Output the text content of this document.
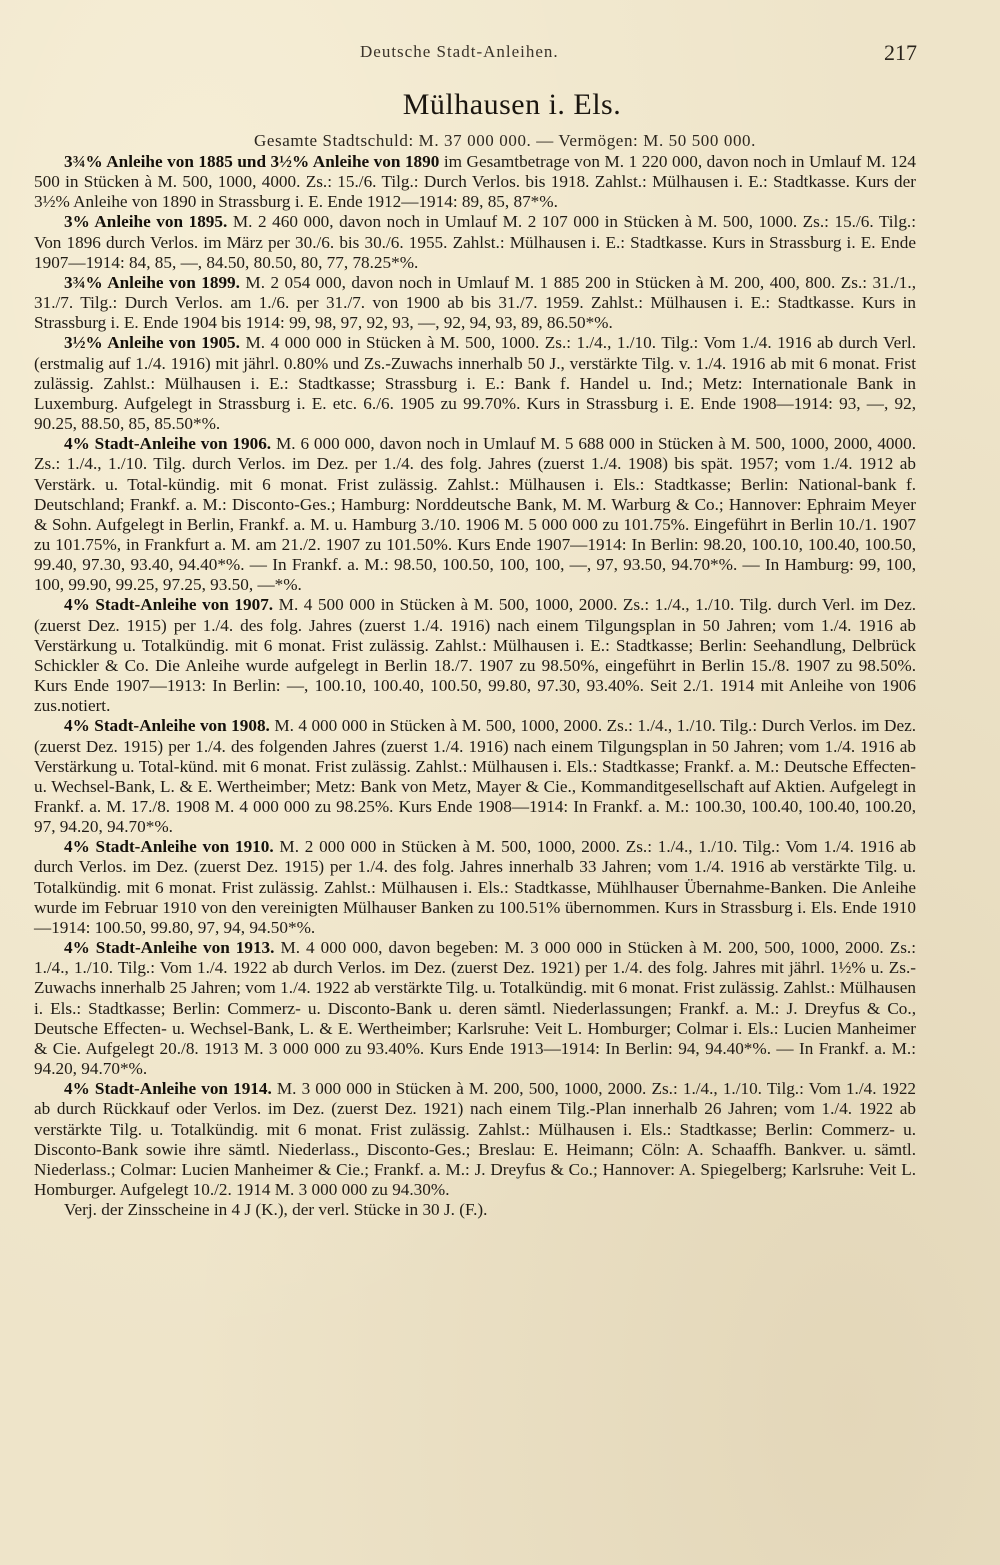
Deutsche Stadt-Anleihen.	217
Mülhausen i. Els.
Gesamte Stadtschuld: M. 37 000 000. — Vermögen: M. 50 500 000.

3¾% Anleihe von 1885 und 3½% Anleihe von 1890 im Gesamtbetrage von M. 1 220 000, davon noch in Umlauf M. 124 500 in Stücken à M. 500, 1000, 4000. Zs.: 15./6. Tilg.: Durch Verlos. bis 1918. Zahlst.: Mülhausen i. E.: Stadtkasse. Kurs der 3½% Anleihe von 1890 in Strassburg i. E. Ende 1912—1914: 89, 85, 87*%.

3% Anleihe von 1895. M. 2 460 000, davon noch in Umlauf M. 2 107 000 in Stücken à M. 500, 1000. Zs.: 15./6. Tilg.: Von 1896 durch Verlos. im März per 30./6. bis 30./6. 1955. Zahlst.: Mülhausen i. E.: Stadtkasse. Kurs in Strassburg i. E. Ende 1907—1914: 84, 85, —, 84.50, 80.50, 80, 77, 78.25*%.

3¾% Anleihe von 1899. M. 2 054 000, davon noch in Umlauf M. 1 885 200 in Stücken à M. 200, 400, 800. Zs.: 31./1., 31./7. Tilg.: Durch Verlos. am 1./6. per 31./7. von 1900 ab bis 31./7. 1959. Zahlst.: Mülhausen i. E.: Stadtkasse. Kurs in Strassburg i. E. Ende 1904 bis 1914: 99, 98, 97, 92, 93, —, 92, 94, 93, 89, 86.50*%.

3½% Anleihe von 1905. M. 4 000 000 in Stücken à M. 500, 1000. Zs.: 1./4., 1./10. Tilg.: Vom 1./4. 1916 ab durch Verl. (erstmalig auf 1./4. 1916) mit jährl. 0.80% und Zs.-Zuwachs innerhalb 50 J., verstärkte Tilg. v. 1./4. 1916 ab mit 6 monat. Frist zulässig. Zahlst.: Mülhausen i. E.: Stadtkasse; Strassburg i. E.: Bank f. Handel u. Ind.; Metz: Internationale Bank in Luxemburg. Aufgelegt in Strassburg i. E. etc. 6./6. 1905 zu 99.70%. Kurs in Strassburg i. E. Ende 1908—1914: 93, —, 92, 90.25, 88.50, 85, 85.50*%.

4% Stadt-Anleihe von 1906. M. 6 000 000, davon noch in Umlauf M. 5 688 000 in Stücken à M. 500, 1000, 2000, 4000. Zs.: 1./4., 1./10. Tilg. durch Verlos. im Dez. per 1./4. des folg. Jahres (zuerst 1./4. 1908) bis spät. 1957; vom 1./4. 1912 ab Verstärk. u. Total-kündig. mit 6 monat. Frist zulässig. Zahlst.: Mülhausen i. Els.: Stadtkasse; Berlin: National-bank f. Deutschland; Frankf. a. M.: Disconto-Ges.; Hamburg: Norddeutsche Bank, M. M. Warburg & Co.; Hannover: Ephraim Meyer & Sohn. Aufgelegt in Berlin, Frankf. a. M. u. Hamburg 3./10. 1906 M. 5 000 000 zu 101.75%. Eingeführt in Berlin 10./1. 1907 zu 101.75%, in Frankfurt a. M. am 21./2. 1907 zu 101.50%. Kurs Ende 1907—1914: In Berlin: 98.20, 100.10, 100.40, 100.50, 99.40, 97.30, 93.40, 94.40*%. — In Frankf. a. M.: 98.50, 100.50, 100, 100, —, 97, 93.50, 94.70*%. — In Hamburg: 99, 100, 100, 99.90, 99.25, 97.25, 93.50, —*%.

4% Stadt-Anleihe von 1907. M. 4 500 000 in Stücken à M. 500, 1000, 2000. Zs.: 1./4., 1./10. Tilg. durch Verl. im Dez. (zuerst Dez. 1915) per 1./4. des folg. Jahres (zuerst 1./4. 1916) nach einem Tilgungsplan in 50 Jahren; vom 1./4. 1916 ab Verstärkung u. Totalkündig. mit 6 monat. Frist zulässig. Zahlst.: Mülhausen i. E.: Stadtkasse; Berlin: Seehandlung, Delbrück Schickler & Co. Die Anleihe wurde aufgelegt in Berlin 18./7. 1907 zu 98.50%, eingeführt in Berlin 15./8. 1907 zu 98.50%. Kurs Ende 1907—1913: In Berlin: —, 100.10, 100.40, 100.50, 99.80, 97.30, 93.40%. Seit 2./1. 1914 mit Anleihe von 1906 zus.notiert.

4% Stadt-Anleihe von 1908. M. 4 000 000 in Stücken à M. 500, 1000, 2000. Zs.: 1./4., 1./10. Tilg.: Durch Verlos. im Dez. (zuerst Dez. 1915) per 1./4. des folgenden Jahres (zuerst 1./4. 1916) nach einem Tilgungsplan in 50 Jahren; vom 1./4. 1916 ab Verstärkung u. Total-künd. mit 6 monat. Frist zulässig. Zahlst.: Mülhausen i. Els.: Stadtkasse; Frankf. a. M.: Deutsche Effecten- u. Wechsel-Bank, L. & E. Wertheimber; Metz: Bank von Metz, Mayer & Cie., Kommanditgesellschaft auf Aktien. Aufgelegt in Frankf. a. M. 17./8. 1908 M. 4 000 000 zu 98.25%. Kurs Ende 1908—1914: In Frankf. a. M.: 100.30, 100.40, 100.40, 100.20, 97, 94.20, 94.70*%.

4% Stadt-Anleihe von 1910. M. 2 000 000 in Stücken à M. 500, 1000, 2000. Zs.: 1./4., 1./10. Tilg.: Vom 1./4. 1916 ab durch Verlos. im Dez. (zuerst Dez. 1915) per 1./4. des folg. Jahres innerhalb 33 Jahren; vom 1./4. 1916 ab verstärkte Tilg. u. Totalkündig. mit 6 monat. Frist zulässig. Zahlst.: Mülhausen i. Els.: Stadtkasse, Mühlhauser Übernahme-Banken. Die Anleihe wurde im Februar 1910 von den vereinigten Mülhauser Banken zu 100.51% übernommen. Kurs in Strassburg i. Els. Ende 1910—1914: 100.50, 99.80, 97, 94, 94.50*%.

4% Stadt-Anleihe von 1913. M. 4 000 000, davon begeben: M. 3 000 000 in Stücken à M. 200, 500, 1000, 2000. Zs.: 1./4., 1./10. Tilg.: Vom 1./4. 1922 ab durch Verlos. im Dez. (zuerst Dez. 1921) per 1./4. des folg. Jahres mit jährl. 1½% u. Zs.-Zuwachs innerhalb 25 Jahren; vom 1./4. 1922 ab verstärkte Tilg. u. Totalkündig. mit 6 monat. Frist zulässig. Zahlst.: Mülhausen i. Els.: Stadtkasse; Berlin: Commerz- u. Disconto-Bank u. deren sämtl. Niederlassungen; Frankf. a. M.: J. Dreyfus & Co., Deutsche Effecten- u. Wechsel-Bank, L. & E. Wertheimber; Karlsruhe: Veit L. Homburger; Colmar i. Els.: Lucien Manheimer & Cie. Aufgelegt 20./8. 1913 M. 3 000 000 zu 93.40%. Kurs Ende 1913—1914: In Berlin: 94, 94.40*%. — In Frankf. a. M.: 94.20, 94.70*%.

4% Stadt-Anleihe von 1914. M. 3 000 000 in Stücken à M. 200, 500, 1000, 2000. Zs.: 1./4., 1./10. Tilg.: Vom 1./4. 1922 ab durch Rückkauf oder Verlos. im Dez. (zuerst Dez. 1921) nach einem Tilg.-Plan innerhalb 26 Jahren; vom 1./4. 1922 ab verstärkte Tilg. u. Totalkündig. mit 6 monat. Frist zulässig. Zahlst.: Mülhausen i. Els.: Stadtkasse; Berlin: Commerz- u. Disconto-Bank sowie ihre sämtl. Niederlass., Disconto-Ges.; Breslau: E. Heimann; Cöln: A. Schaaffh. Bankver. u. sämtl. Niederlass.; Colmar: Lucien Manheimer & Cie.; Frankf. a. M.: J. Dreyfus & Co.; Hannover: A. Spiegelberg; Karlsruhe: Veit L. Homburger. Aufgelegt 10./2. 1914 M. 3 000 000 zu 94.30%.

Verj. der Zinsscheine in 4 J (K.), der verl. Stücke in 30 J. (F.).
